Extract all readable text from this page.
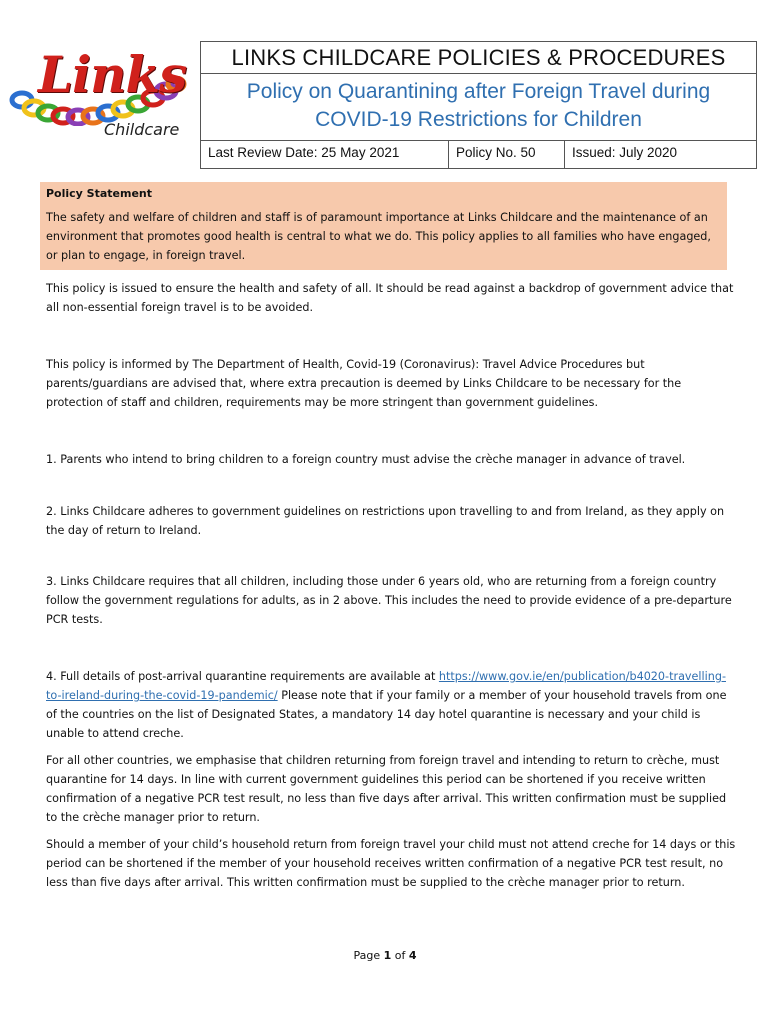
Links
Childcare
LINKS CHILDCARE POLICIES & PROCEDURES
Policy on Quarantining after Foreign Travel during COVID-19 Restrictions for Children
Last Review Date: 25 May 2021	Policy No. 50	Issued: July 2020
Policy Statement
The safety and welfare of children and staff is of paramount importance at Links Childcare and the maintenance of an environment that promotes good health is central to what we do. This policy applies to all families who have engaged, or plan to engage, in foreign travel.

This policy is issued to ensure the health and safety of all. It should be read against a backdrop of government advice that all non-essential foreign travel is to be avoided.

This policy is informed by The Department of Health, Covid-19 (Coronavirus): Travel Advice Procedures but parents/guardians are advised that, where extra precaution is deemed by Links Childcare to be necessary for the protection of staff and children, requirements may be more stringent than government guidelines.

1. Parents who intend to bring children to a foreign country must advise the crèche manager in advance of travel.

2. Links Childcare adheres to government guidelines on restrictions upon travelling to and from Ireland, as they apply on the day of return to Ireland.

3. Links Childcare requires that all children, including those under 6 years old, who are returning from a foreign country follow the government regulations for adults, as in 2 above. This includes the need to provide evidence of a pre-departure PCR tests.

4. Full details of post-arrival quarantine requirements are available at https://www.gov.ie/en/publication/b4020-travelling-to-ireland-during-the-covid-19-pandemic/ Please note that if your family or a member of your household travels from one of the countries on the list of Designated States, a mandatory 14 day hotel quarantine is necessary and your child is unable to attend creche.

For all other countries, we emphasise that children returning from foreign travel and intending to return to crèche, must quarantine for 14 days. In line with current government guidelines this period can be shortened if you receive written confirmation of a negative PCR test result, no less than five days after arrival. This written confirmation must be supplied to the crèche manager prior to return.

Should a member of your child’s household return from foreign travel your child must not attend creche for 14 days or this period can be shortened if the member of your household receives written confirmation of a negative PCR test result, no less than five days after arrival. This written confirmation must be supplied to the crèche manager prior to return.

Page 1 of 4
